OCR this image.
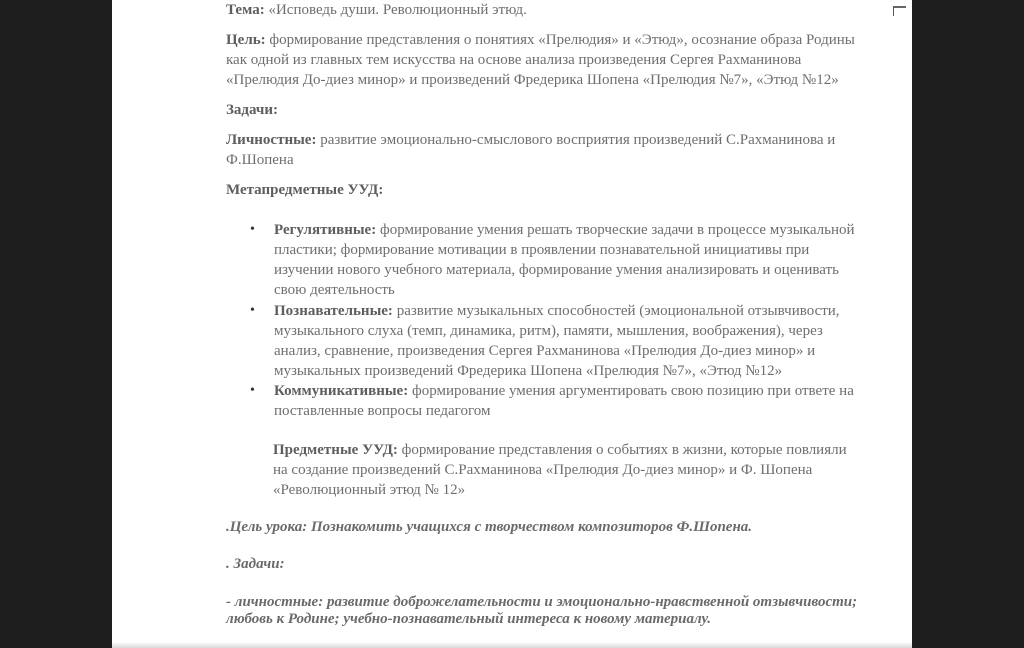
Тема: «Исповедь души. Революционный этюд.
Цель: формирование представления о понятиях «Прелюдия» и «Этюд», осознание образа Родины
как одной из главных тем искусства на основе анализа произведения Сергея Рахманинова
«Прелюдия До-диез минор» и произведений Фредерика Шопена «Прелюдия №7», «Этюд №12»
Задачи:
Личностные: развитие эмоционально-смыслового восприятия произведений С.Рахманинова и
Ф.Шопена
Метапредметные УУД:
• Регулятивные: формирование умения решать творческие задачи в процессе музыкальной
пластики; формирование мотивации в проявлении познавательной инициативы при
изучении нового учебного материала, формирование умения анализировать и оценивать
свою деятельность
• Познавательные: развитие музыкальных способностей (эмоциональной отзывчивости,
музыкального слуха (темп, динамика, ритм), памяти, мышления, воображения), через
анализ, сравнение, произведения Сергея Рахманинова «Прелюдия До-диез минор» и
музыкальных произведений Фредерика Шопена «Прелюдия №7», «Этюд №12»
• Коммуникативные: формирование умения аргументировать свою позицию при ответе на
поставленные вопросы педагогом
Предметные УУД: формирование представления о событиях в жизни, которые повлияли
на создание произведений С.Рахманинова «Прелюдия До-диез минор» и Ф. Шопена
«Революционный этюд № 12»
.Цель урока: Познакомить учащихся с творчеством композиторов Ф.Шопена.
. Задачи:
- личностные: развитие доброжелательности и эмоционально-нравственной отзывчивости;
любовь к Родине; учебно-познавательный интереса к новому материалу.
